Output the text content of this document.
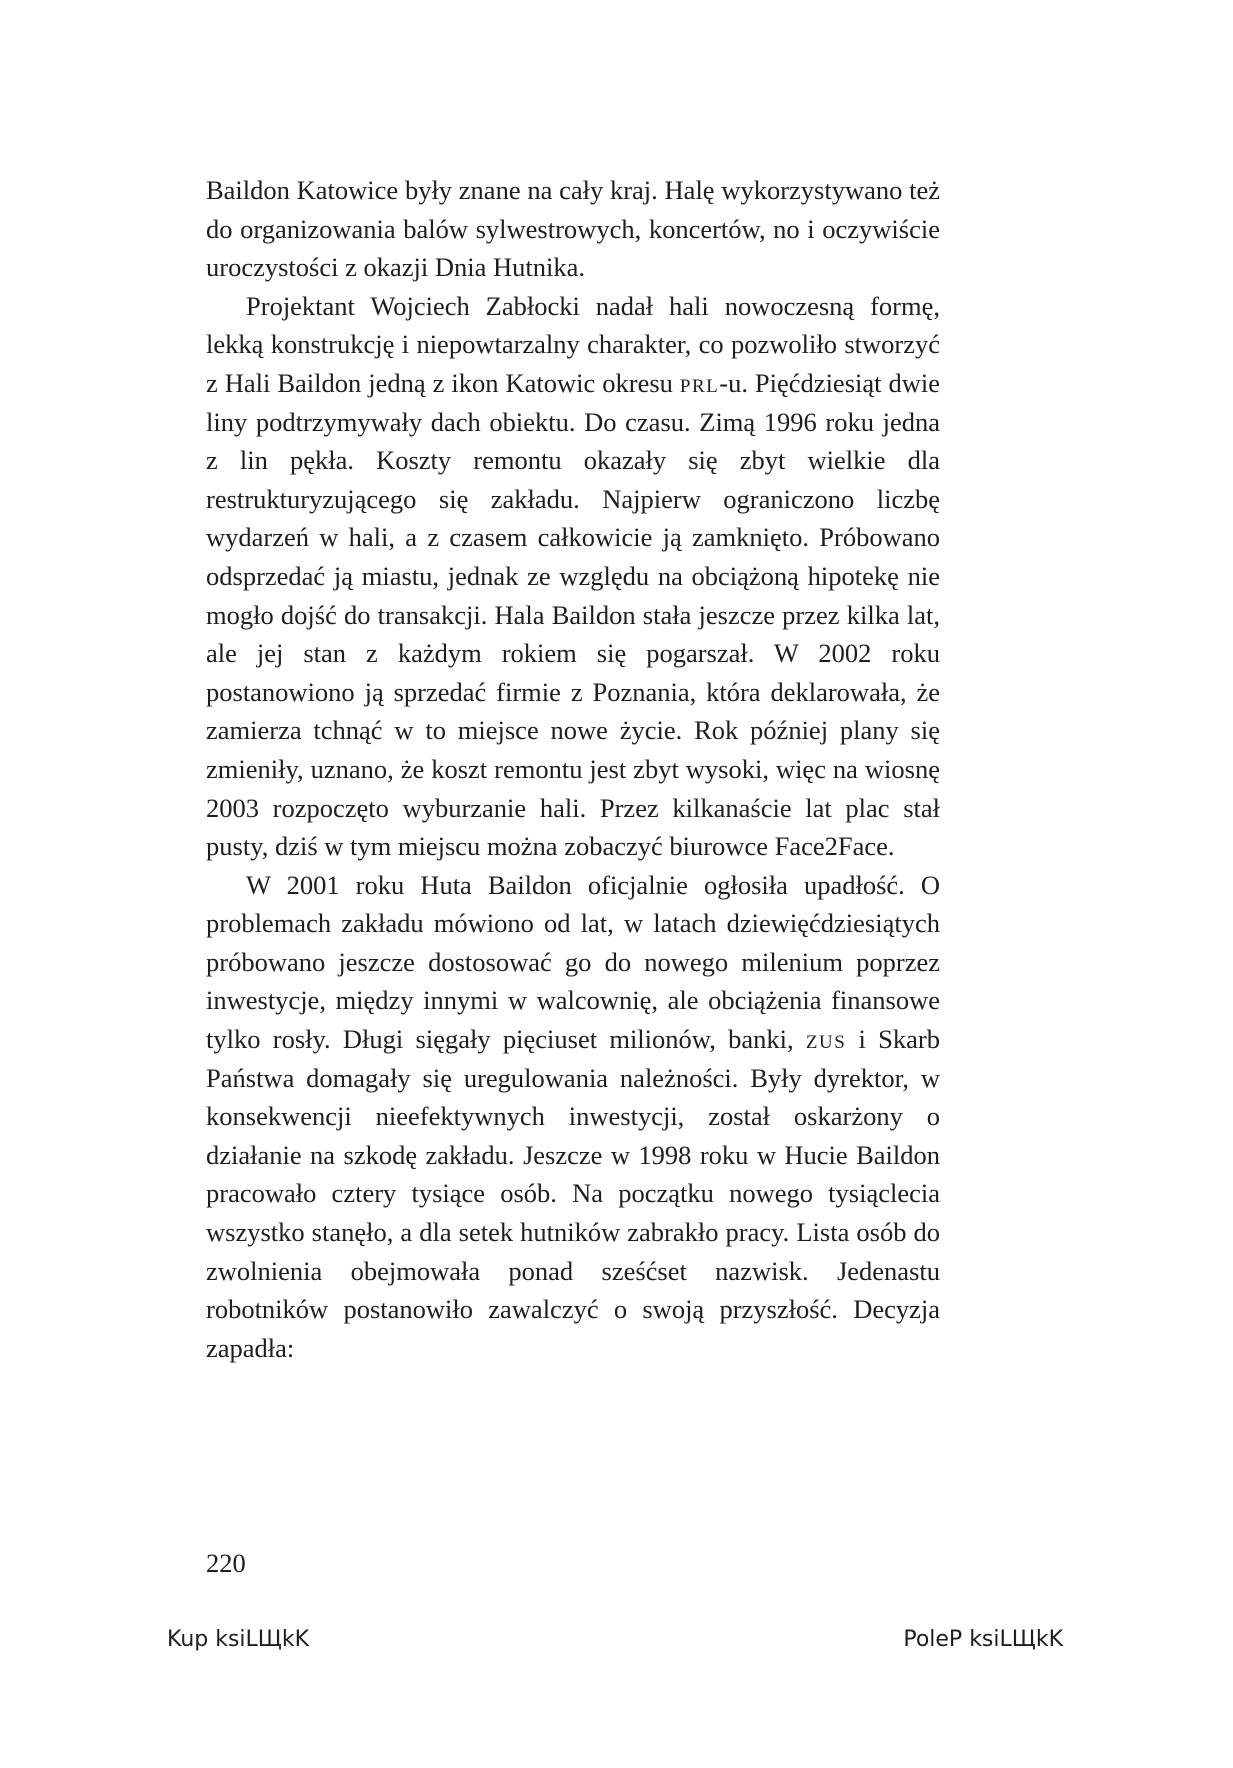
Baildon Katowice były znane na cały kraj. Halę wykorzystywano też do organizowania balów sylwestrowych, koncertów, no i oczywiście uroczystości z okazji Dnia Hutnika.

Projektant Wojciech Zabłocki nadał hali nowoczesną formę, lekką konstrukcję i niepowtarzalny charakter, co pozwoliło stworzyć z Hali Baildon jedną z ikon Katowic okresu prl-u. Pięćdziesiąt dwie liny podtrzymywały dach obiektu. Do czasu. Zimą 1996 roku jedna z lin pękła. Koszty remontu okazały się zbyt wielkie dla restrukturyzującego się zakładu. Najpierw ograniczono liczbę wydarzeń w hali, a z czasem całkowicie ją zamknięto. Próbowano odsprzedać ją miastu, jednak ze względu na obciążoną hipotekę nie mogło dojść do transakcji. Hala Baildon stała jeszcze przez kilka lat, ale jej stan z każdym rokiem się pogarszał. W 2002 roku postanowiono ją sprzedać firmie z Poznania, która deklarowała, że zamierza tchnąć w to miejsce nowe życie. Rok później plany się zmieniły, uznano, że koszt remontu jest zbyt wysoki, więc na wiosnę 2003 rozpoczęto wyburzanie hali. Przez kilkanaście lat plac stał pusty, dziś w tym miejscu można zobaczyć biurowce Face2Face.

W 2001 roku Huta Baildon oficjalnie ogłosiła upadłość. O problemach zakładu mówiono od lat, w latach dziewięćdziesiątych próbowano jeszcze dostosować go do nowego milenium poprzez inwestycje, między innymi w walcownię, ale obciążenia finansowe tylko rosły. Długi sięgały pięciuset milionów, banki, zus i Skarb Państwa domagały się uregulowania należności. Były dyrektor, w konsekwencji nieefektywnych inwestycji, został oskarżony o działanie na szkodę zakładu. Jeszcze w 1998 roku w Hucie Baildon pracowało cztery tysiące osób. Na początku nowego tysiąclecia wszystko stanęło, a dla setek hutników zabrakło pracy. Lista osób do zwolnienia obejmowała ponad sześćset nazwisk. Jedenastu robotników postanowiło zawalczyć o swoją przyszłość. Decyzja zapadła:

220
Kup ksiLЩkK	PoleP ksiLЩkK
